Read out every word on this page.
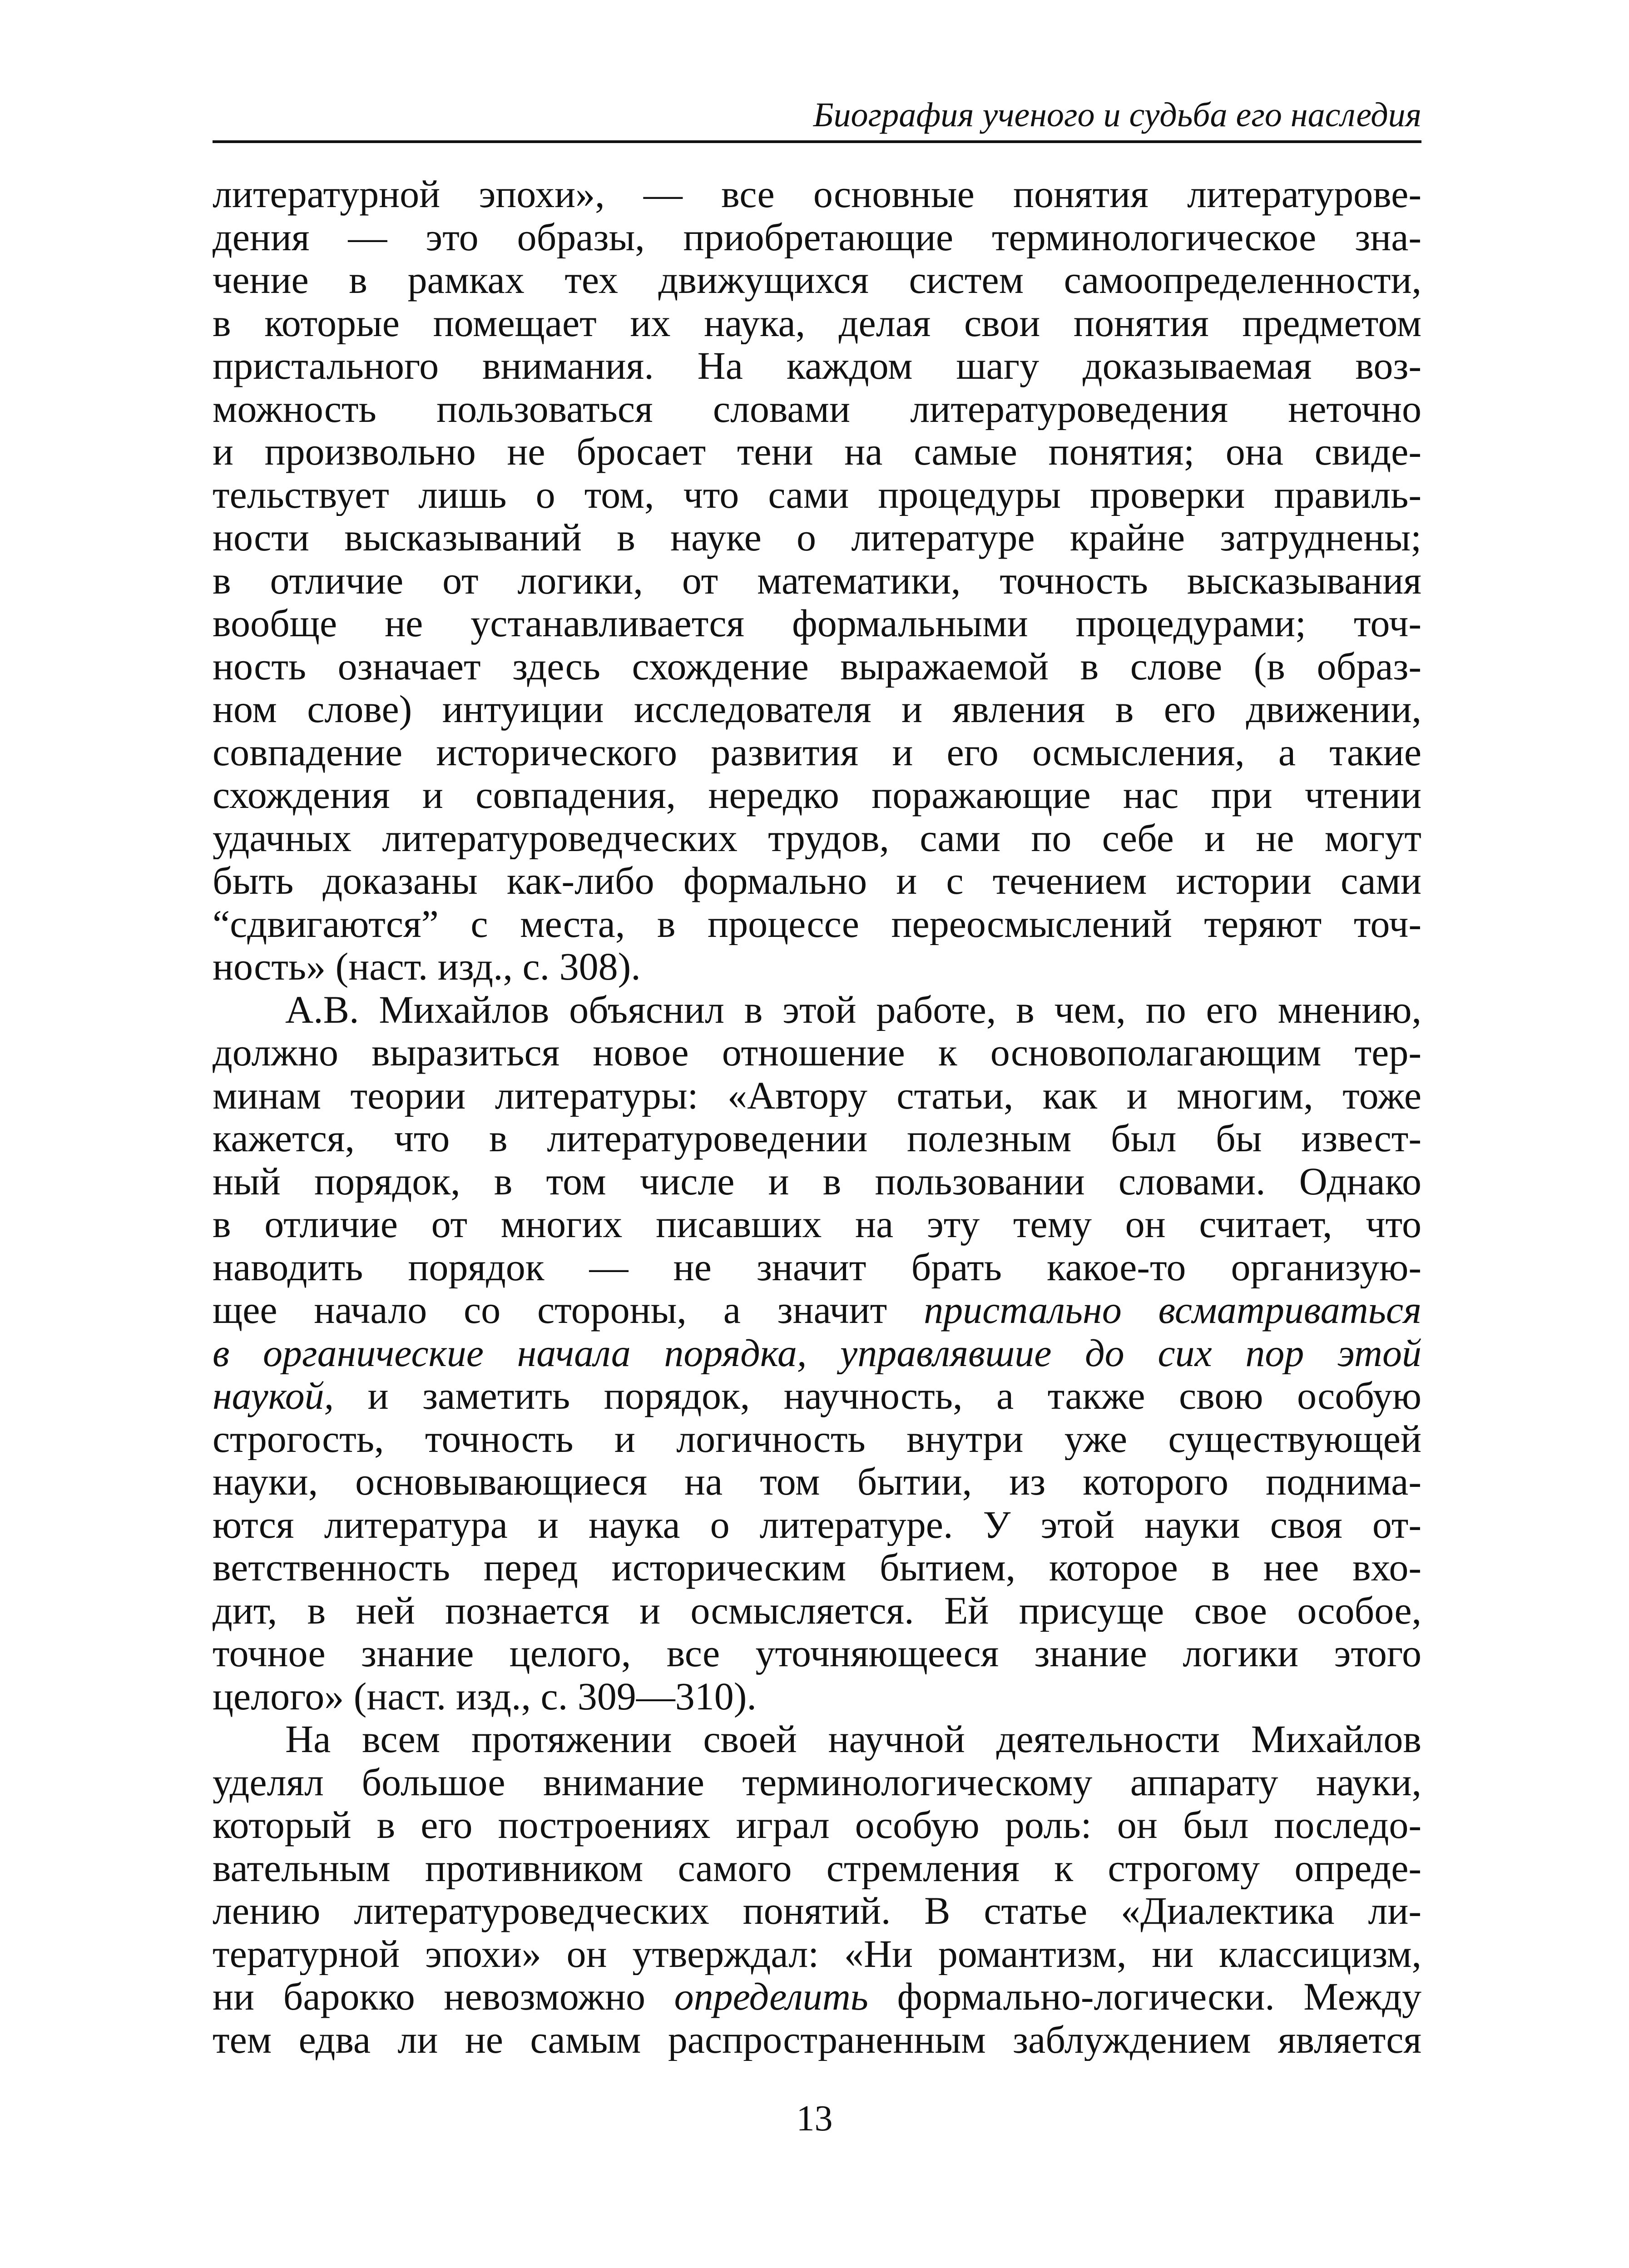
Биография ученого и судьба его наследия
литературной эпохи», — все основные понятия литературове-
дения — это образы, приобретающие терминологическое зна-
чение в рамках тех движущихся систем самоопределенности,
в которые помещает их наука, делая свои понятия предметом
пристального внимания. На каждом шагу доказываемая воз-
можность пользоваться словами литературоведения неточно
и произвольно не бросает тени на самые понятия; она свиде-
тельствует лишь о том, что сами процедуры проверки правиль-
ности высказываний в науке о литературе крайне затруднены;
в отличие от логики, от математики, точность высказывания
вообще не устанавливается формальными процедурами; точ-
ность означает здесь схождение выражаемой в слове (в образ-
ном слове) интуиции исследователя и явления в его движении,
совпадение исторического развития и его осмысления, а такие
схождения и совпадения, нередко поражающие нас при чтении
удачных литературоведческих трудов, сами по себе и не могут
быть доказаны как-либо формально и с течением истории сами
“сдвигаются” с места, в процессе переосмыслений теряют точ-
ность» (наст. изд., с. 308).
А.В. Михайлов объяснил в этой работе, в чем, по его мнению,
должно выразиться новое отношение к основополагающим тер-
минам теории литературы: «Автору статьи, как и многим, тоже
кажется, что в литературоведении полезным был бы извест-
ный порядок, в том числе и в пользовании словами. Однако
в отличие от многих писавших на эту тему он считает, что
наводить порядок — не значит брать какое-то организую-
щее начало со стороны, а значит пристально всматриваться
в органические начала порядка, управлявшие до сих пор этой
наукой, и заметить порядок, научность, а также свою особую
строгость, точность и логичность внутри уже существующей
науки, основывающиеся на том бытии, из которого поднима-
ются литература и наука о литературе. У этой науки своя от-
ветственность перед историческим бытием, которое в нее вхо-
дит, в ней познается и осмысляется. Ей присуще свое особое,
точное знание целого, все уточняющееся знание логики этого
целого» (наст. изд., с. 309—310).
На всем протяжении своей научной деятельности Михайлов
уделял большое внимание терминологическому аппарату науки,
который в его построениях играл особую роль: он был последо-
вательным противником самого стремления к строгому опреде-
лению литературоведческих понятий. В статье «Диалектика ли-
тературной эпохи» он утверждал: «Ни романтизм, ни классицизм,
ни барокко невозможно определить формально-логически. Между
тем едва ли не самым распространенным заблуждением является
13
